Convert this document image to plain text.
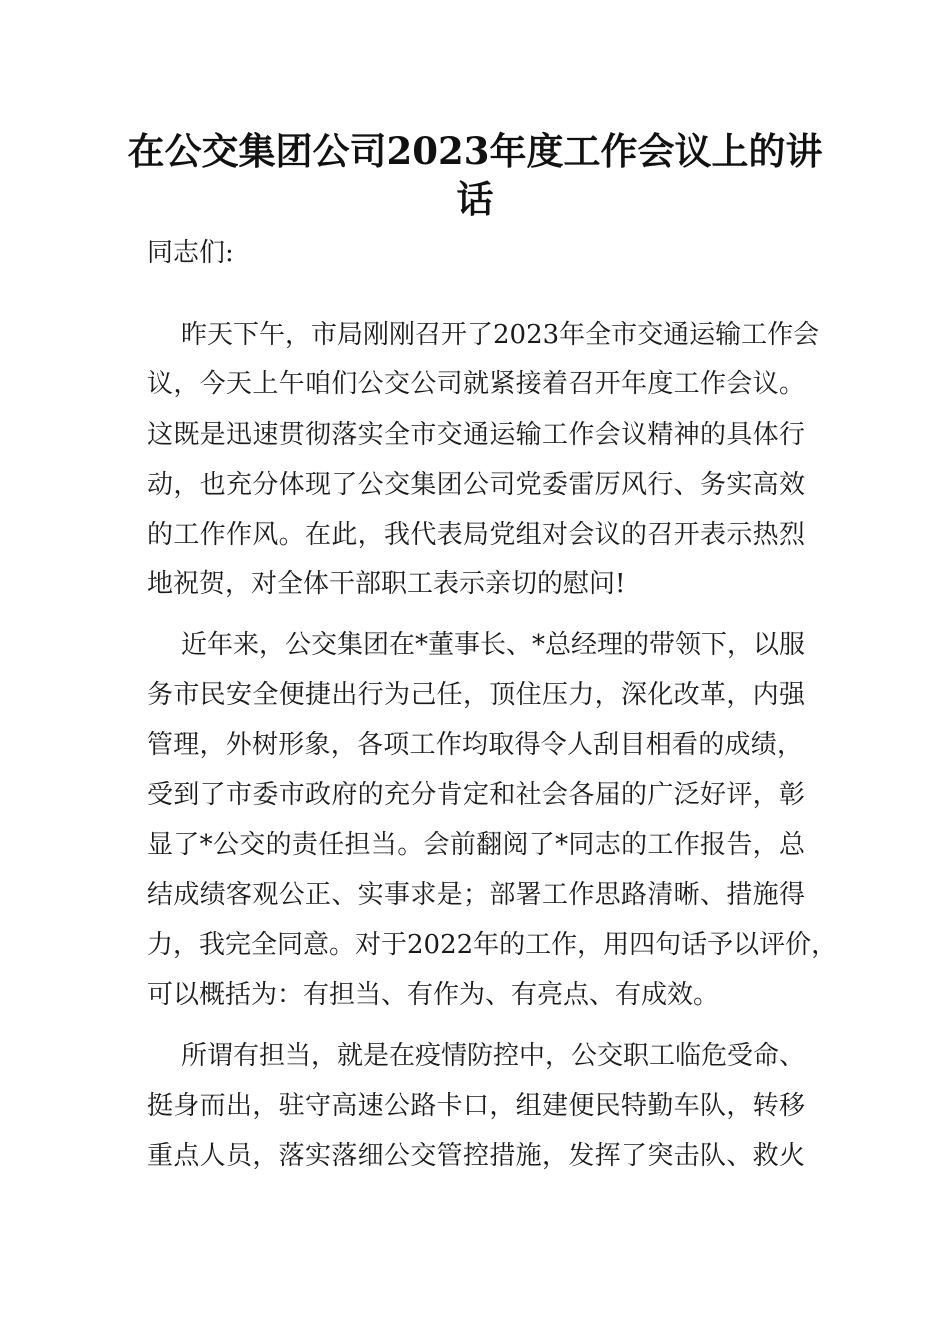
在公交集团公司2023年度工作会议上的讲
话

同志们:

昨天下午，市局刚刚召开了2023年全市交通运输工作会

议，今天上午咱们公交公司就紧接着召开年度工作会议。

这既是迅速贯彻落实全市交通运输工作会议精神的具体行

动，也充分体现了公交集团公司党委雷厉风行、务实高效

的工作作风。在此，我代表局党组对会议的召开表示热烈

地祝贺，对全体干部职工表示亲切的慰问!

近年来，公交集团在*董事长、*总经理的带领下，以服

务市民安全便捷出行为己任，顶住压力，深化改革，内强

管理，外树形象，各项工作均取得令人刮目相看的成绩，

受到了市委市政府的充分肯定和社会各届的广泛好评，彰

显了*公交的责任担当。会前翻阅了*同志的工作报告，总

结成绩客观公正、实事求是；部署工作思路清晰、措施得

力，我完全同意。对于2022年的工作，用四句话予以评价，

可以概括为：有担当、有作为、有亮点、有成效。

所谓有担当，就是在疫情防控中，公交职工临危受命、

挺身而出，驻守高速公路卡口，组建便民特勤车队，转移

重点人员，落实落细公交管控措施，发挥了突击队、救火
